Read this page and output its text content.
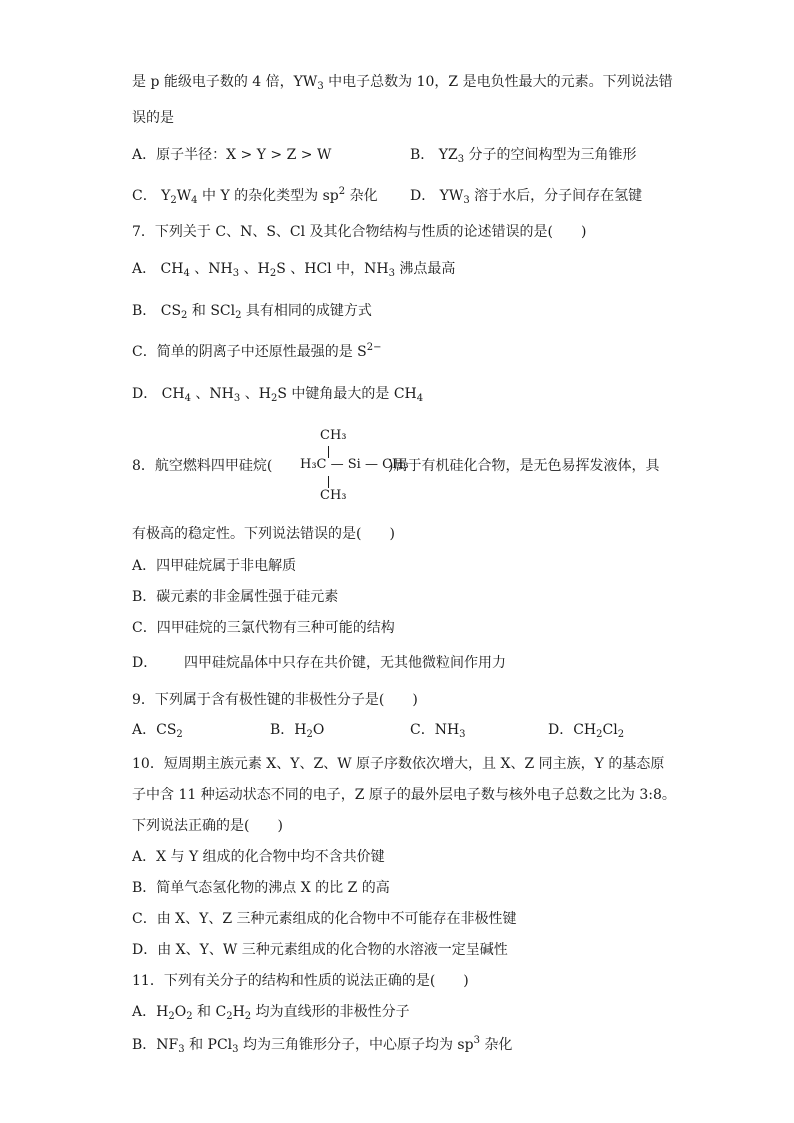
是 p 能级电子数的 4 倍，$YW_3$ 中电子总数为 10，Z 是电负性最大的元素。下列说法错
误的是
A．原子半径：X > Y > Z > W	B． $YZ_3$ 分子的空间构型为三角锥形
C． $Y_2W_4$ 中 Y 的杂化类型为 $sp^2$ 杂化 D． $YW_3$ 溶于水后，分子间存在氢键
7．下列关于 C、N、S、Cl 及其化合物结构与性质的论述错误的是(　　)
A． $CH_4$ 、$NH_3$ 、$H_2S$ 、HCl 中，$NH_3$ 沸点最高
B． $CS_2$ 和 SCl$_2$ 具有相同的成键方式
C．简单的阴离子中还原性最强的是 $S^{2-}$
D． $CH_4$ 、$NH_3$ 、$H_2S$ 中键角最大的是 $CH_4$
8．航空燃料四甲硅烷(
CH₃
H₃C — Si — CH₃
CH₃
)属于有机硅化合物，是无色易挥发液体，具
有极高的稳定性。下列说法错误的是(　　)
A．四甲硅烷属于非电解质
B．碳元素的非金属性强于硅元素
C．四甲硅烷的三氯代物有三种可能的结构
D． 四甲硅烷晶体中只存在共价键，无其他微粒间作用力
9．下列属于含有极性键的非极性分子是(　　)
A．$CS_2$	B．$H_2O$	C．$NH_3$	D．$CH_2Cl_2$
10．短周期主族元素 X、Y、Z、W 原子序数依次增大，且 X、Z 同主族，Y 的基态原
子中含 11 种运动状态不同的电子，Z 原子的最外层电子数与核外电子总数之比为 3:8。
下列说法正确的是(　　)
A．X 与 Y 组成的化合物中均不含共价键
B．简单气态氢化物的沸点 X 的比 Z 的高
C．由 X、Y、Z 三种元素组成的化合物中不可能存在非极性键
D．由 X、Y、W 三种元素组成的化合物的水溶液一定呈碱性
11．下列有关分子的结构和性质的说法正确的是(　　)
A．$H_2O_2$ 和 $C_2H_2$ 均为直线形的非极性分子
B．$NF_3$ 和 PCl$_3$ 均为三角锥形分子，中心原子均为 $sp^3$ 杂化
